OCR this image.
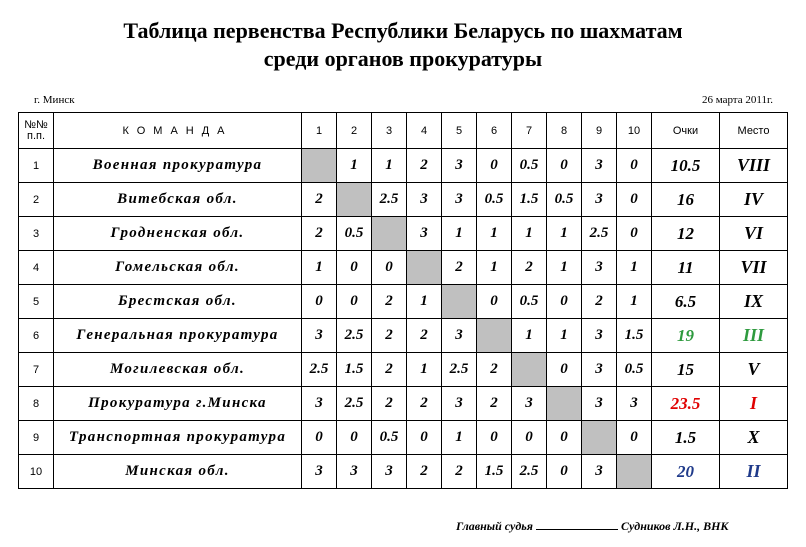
Таблица первенства Республики Беларусь по шахматам
среди органов прокуратуры
г. Минск	26 марта 2011г.
№№
п.п.	КОМАНДА	1	2	3	4	5	6	7	8	9	10	Очки	Место
1	Военная прокуратура		1	1	2	3	0	0.5	0	3	0	10.5	VIII
2	Витебская обл.	2		2.5	3	3	0.5	1.5	0.5	3	0	16	IV
3	Гродненская обл.	2	0.5		3	1	1	1	1	2.5	0	12	VI
4	Гомельская обл.	1	0	0		2	1	2	1	3	1	11	VII
5	Брестская обл.	0	0	2	1		0	0.5	0	2	1	6.5	IX
6	Генеральная прокуратура	3	2.5	2	2	3		1	1	3	1.5	19	III
7	Могилевская обл.	2.5	1.5	2	1	2.5	2		0	3	0.5	15	V
8	Прокуратура г.Минска	3	2.5	2	2	3	2	3		3	3	23.5	I
9	Транспортная прокуратура	0	0	0.5	0	1	0	0	0		0	1.5	X
10	Минская обл.	3	3	3	2	2	1.5	2.5	0	3		20	II
Главный судья	Судников Л.Н., ВНК
